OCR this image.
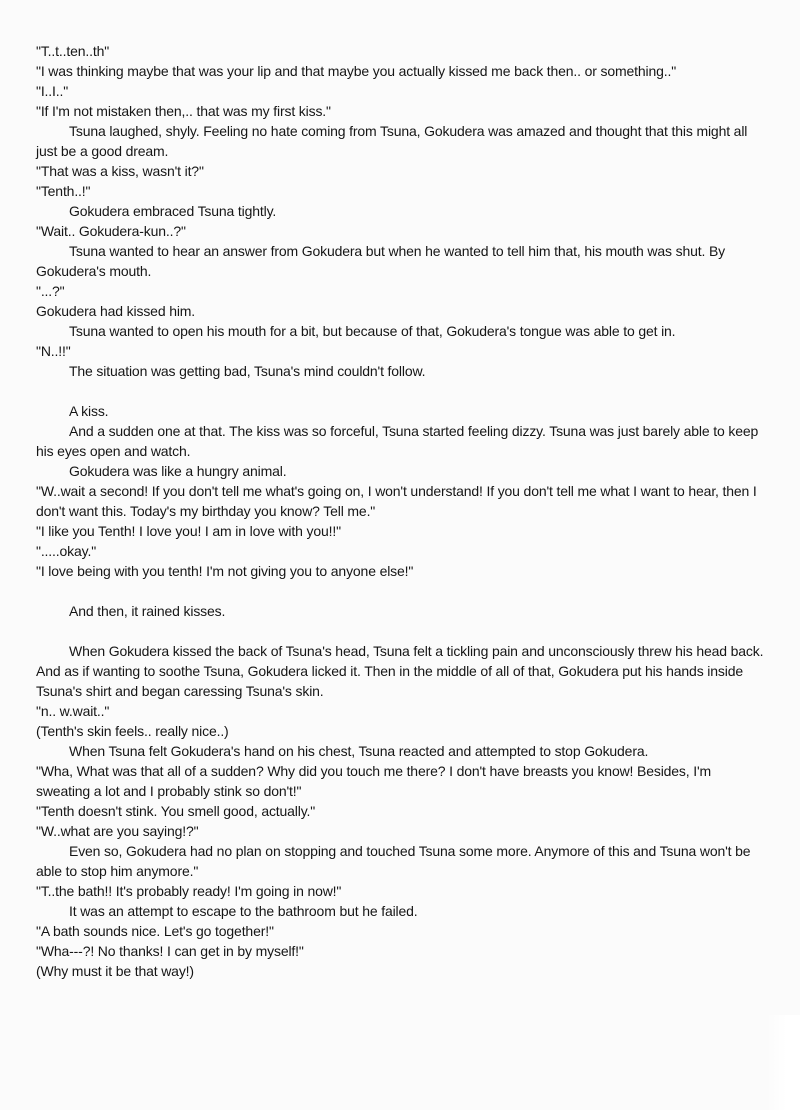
"T..t..ten..th"

"I was thinking maybe that was your lip and that maybe you actually kissed me back then.. or something.."

"I..I.."

"If I'm not mistaken then,.. that was my first kiss."

Tsuna laughed, shyly. Feeling no hate coming from Tsuna, Gokudera was amazed and thought that this might all just be a good dream.

"That was a kiss, wasn't it?"

"Tenth..!"

Gokudera embraced Tsuna tightly.

"Wait.. Gokudera-kun..?"

Tsuna wanted to hear an answer from Gokudera but when he wanted to tell him that, his mouth was shut. By Gokudera's mouth.

"...?"

Gokudera had kissed him.

Tsuna wanted to open his mouth for a bit, but because of that, Gokudera's tongue was able to get in.

"N..!!"

The situation was getting bad, Tsuna's mind couldn't follow.

A kiss.

And a sudden one at that. The kiss was so forceful, Tsuna started feeling dizzy. Tsuna was just barely able to keep his eyes open and watch.

Gokudera was like a hungry animal.

"W..wait a second! If you don't tell me what's going on, I won't understand! If you don't tell me what I want to hear, then I don't want this. Today's my birthday you know? Tell me."

"I like you Tenth! I love you! I am in love with you!!"

".....okay."

"I love being with you tenth! I'm not giving you to anyone else!"

And then, it rained kisses.

When Gokudera kissed the back of Tsuna's head, Tsuna felt a tickling pain and unconsciously threw his head back. And as if wanting to soothe Tsuna, Gokudera licked it. Then in the middle of all of that, Gokudera put his hands inside Tsuna's shirt and began caressing Tsuna's skin.

"n.. w.wait.."

(Tenth's skin feels.. really nice..)

When Tsuna felt Gokudera's hand on his chest, Tsuna reacted and attempted to stop Gokudera.

"Wha, What was that all of a sudden? Why did you touch me there? I don't have breasts you know! Besides, I'm sweating a lot and I probably stink so don't!"

"Tenth doesn't stink. You smell good, actually."

"W..what are you saying!?"

Even so, Gokudera had no plan on stopping and touched Tsuna some more. Anymore of this and Tsuna won't be able to stop him anymore."

"T..the bath!! It's probably ready! I'm going in now!"

It was an attempt to escape to the bathroom but he failed.

"A bath sounds nice. Let's go together!"

"Wha---?! No thanks! I can get in by myself!"

(Why must it be that way!)
